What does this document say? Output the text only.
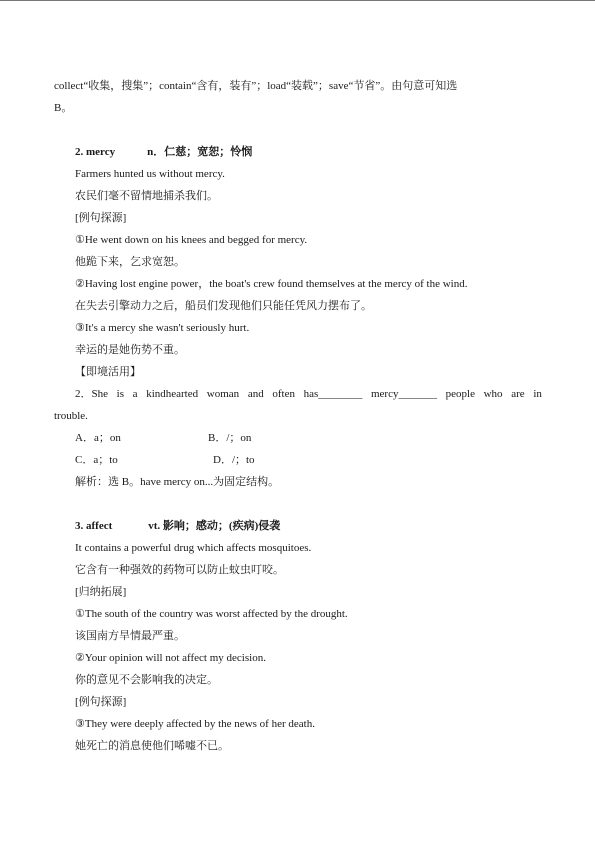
collect“收集，搜集”；contain“含有，装有”；load“装载”；save“节省”。由句意可知选
B。
2. mercy	n．仁慈；宽恕；怜悯
Farmers hunted us without mercy.
农民们毫不留情地捕杀我们。
[例句探源]
①He went down on his knees and begged for mercy.
他跪下来，乞求宽恕。
②Having lost engine power，the boat's crew found themselves at the mercy of the wind.
在失去引擎动力之后，船员们发现他们只能任凭风力摆布了。
③It's a mercy she wasn't seriously hurt.
幸运的是她伤势不重。
【即境活用】
2．She is a kindhearted woman and often has________ mercy_______ people who are in
trouble.
A．a；on	B．/；on
C．a；to	D．/；to
解析：选 B。have mercy on...为固定结构。
3. affect	vt. 影响；感动；(疾病)侵袭
It contains a powerful drug which affects mosquitoes.
它含有一种强效的药物可以防止蚊虫叮咬。
[归纳拓展]
①The south of the country was worst affected by the drought.
该国南方旱情最严重。
②Your opinion will not affect my decision.
你的意见不会影响我的决定。
[例句探源]
③They were deeply affected by the news of her death.
她死亡的消息使他们唏嘘不已。
